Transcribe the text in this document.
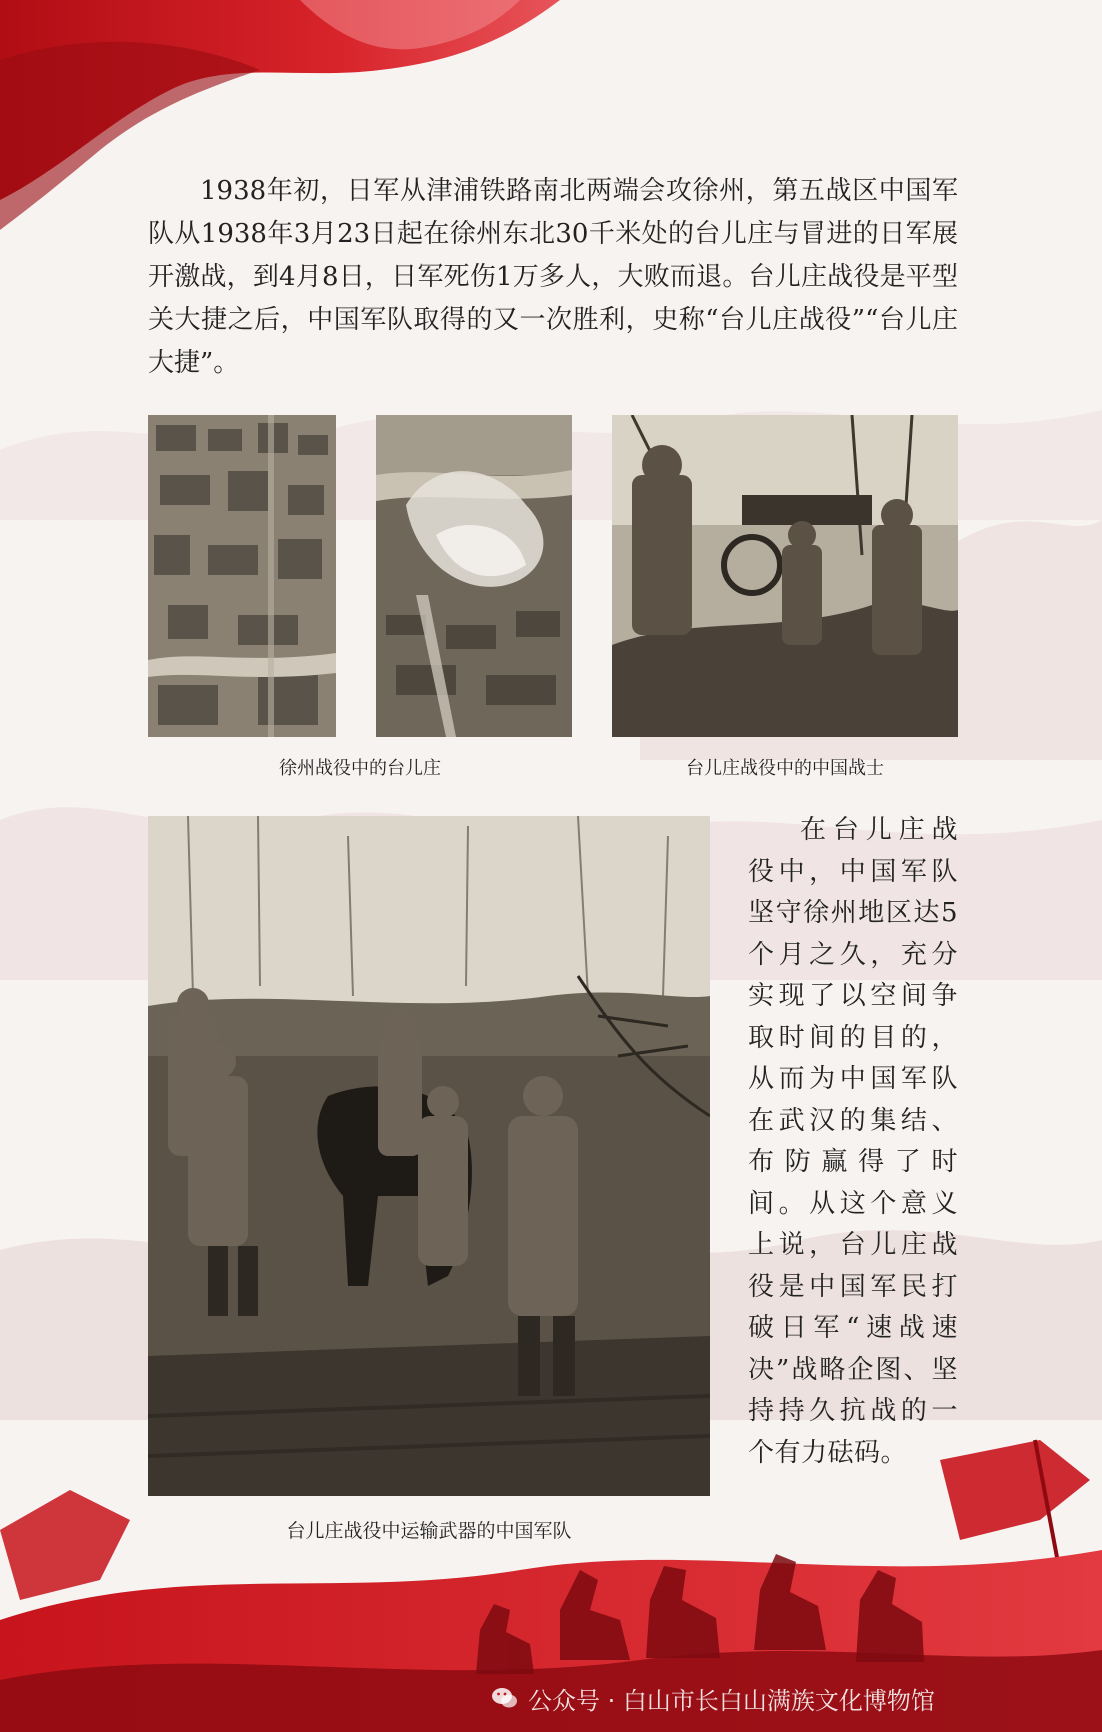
1938年初，日军从津浦铁路南北两端会攻徐州，第五战区中国军队从1938年3月23日起在徐州东北30千米处的台儿庄与冒进的日军展开激战，到4月8日，日军死伤1万多人，大败而退。台儿庄战役是平型关大捷之后，中国军队取得的又一次胜利，史称“台儿庄战役”“台儿庄大捷”。

徐州战役中的台儿庄	台儿庄战役中的中国战士
台儿庄战役中运输武器的中国军队

在台儿庄战役中，中国军队坚守徐州地区达5个月之久，充分实现了以空间争取时间的目的，从而为中国军队在武汉的集结、布防赢得了时间。从这个意义上说，台儿庄战役是中国军民打破日军“速战速决”战略企图、坚持持久抗战的一个有力砝码。

公众号 · 白山市长白山满族文化博物馆
